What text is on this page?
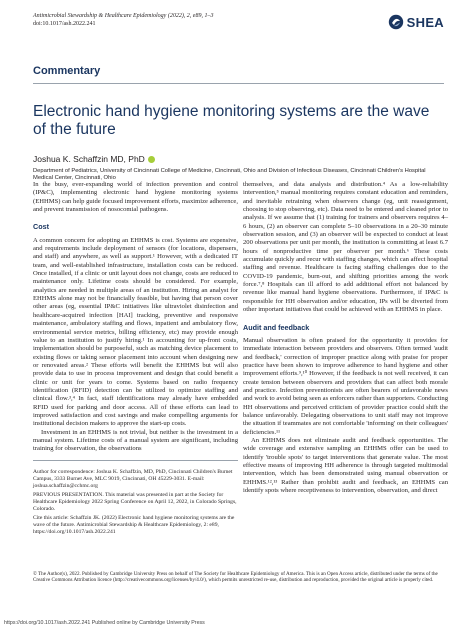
Antimicrobial Stewardship & Healthcare Epidemiology (2022), 2, e89, 1–3
doi:10.1017/ash.2022.241	SHEA
Commentary
Electronic hand hygiene monitoring systems are the wave of the future
Joshua K. Schaffzin MD, PhD
Department of Pediatrics, University of Cincinnati College of Medicine, Cincinnati, Ohio and Division of Infectious Diseases, Cincinnati Children's Hospital Medical Center, Cincinnati, Ohio

In the busy, ever-expanding world of infection prevention and control (IP&C), implementing electronic hand hygiene monitoring systems (EHHMS) can help guide focused improvement efforts, maximize adherence, and prevent transmission of nosocomial pathogens.

Cost

A common concern for adopting an EHHMS is cost. Systems are expensive, and requirements include deployment of sensors (for locations, dispensers, and staff) and anywhere, as well as support.¹ However, with a dedicated IT team, and well-established infrastructure, installation costs can be reduced. Once installed, if a clinic or unit layout does not change, costs are reduced to maintenance only. Lifetime costs should be considered. For example, analytics are needed in multiple areas of an institution. Hiring an analyst for EHHMS alone may not be financially feasible, but having that person cover other areas (eg, essential IP&C initiatives like ultraviolet disinfection and healthcare-acquired infection [HAI] tracking, preventive and responsive maintenance, ambulatory staffing and flows, inpatient and ambulatory flow, environmental service metrics, billing efficiency, etc) may provide enough value to an institution to justify hiring.¹ In accounting for up-front costs, implementation should be purposeful, such as matching device placement to existing flows or taking sensor placement into account when designing new or renovated areas.² These efforts will benefit the EHHMS but will also provide data to use in process improvement and design that could benefit a clinic or unit for years to come. Systems based on radio frequency identification (RFID) detection can be utilized to optimize staffing and clinical flow.³,⁴ In fact, staff identifications may already have embedded RFID used for parking and door access. All of these efforts can lead to improved satisfaction and cost savings and make compelling arguments for institutional decision makers to approve the start-up costs.

Investment in an EHHMS is not trivial, but neither is the investment in a manual system. Lifetime costs of a manual system are significant, including training for observation, the observations

Author for correspondence: Joshua K. Schaffzin, MD, PhD, Cincinnati Children's Burnet Campus, 3333 Burnet Ave, MLC 9019, Cincinnati, OH 45229-3031. E-mail: joshua.schaffzin@cchmc.org

PREVIOUS PRESENTATION. This material was presented in part at the Society for Healthcare Epidemiology 2022 Spring Conference on April 12, 2022, in Colorado Springs, Colorado.

Cite this article: Schaffzin JK. (2022) Electronic hand hygiene monitoring systems are the wave of the future. Antimicrobial Stewardship & Healthcare Epidemiology, 2: e89, https://doi.org/10.1017/ash.2022.241

themselves, and data analysis and distribution.⁴ As a low-reliability intervention,⁵ manual monitoring requires constant education and reminders, and inevitable retraining when observers change (eg, unit reassignment, choosing to stop observing, etc). Data need to be entered and cleaned prior to analysis. If we assume that (1) training for trainers and observers requires 4–6 hours, (2) an observer can complete 5–10 observations in a 20–30 minute observation session, and (3) an observer will be expected to conduct at least 200 observations per unit per month, the institution is committing at least 6.7 hours of nonproductive time per observer per month.⁶ These costs accumulate quickly and recur with staffing changes, which can affect hospital staffing and revenue. Healthcare is facing staffing challenges due to the COVID-19 pandemic, burn-out, and shifting priorities among the work force.⁷,⁸ Hospitals can ill afford to add additional effort not balanced by revenue like manual hand hygiene observations. Furthermore, if IP&C is responsible for HH observation and/or education, IPs will be diverted from other important initiatives that could be achieved with an EHHMS in place.

Audit and feedback

Manual observation is often praised for the opportunity it provides for immediate interaction between providers and observers. Often termed 'audit and feedback,' correction of improper practice along with praise for proper practice have been shown to improve adherence to hand hygiene and other improvement efforts.⁹,¹⁰ However, if the feedback is not well received, it can create tension between observers and providers that can affect both morale and practice. Infection preventionists are often bearers of unfavorable news and work to avoid being seen as enforcers rather than supporters. Conducting HH observations and perceived criticism of provider practice could shift the balance unfavorably. Delegating observations to unit staff may not improve the situation if teammates are not comfortable 'informing' on their colleagues' deficiencies.¹¹

An EHHMS does not eliminate audit and feedback opportunities. The wide coverage and extensive sampling an EHHMS offer can be used to identify 'trouble spots' to target interventions that generate value. The most effective means of improving HH adherence is through targeted multimodal intervention, which has been demonstrated using manual observation or EHHMS.¹²,¹³ Rather than prohibit audit and feedback, an EHHMS can identify spots where receptiveness to intervention, observation, and direct

© The Author(s), 2022. Published by Cambridge University Press on behalf of The Society for Healthcare Epidemiology of America. This is an Open Access article, distributed under the terms of the Creative Commons Attribution licence (http://creativecommons.org/licenses/by/4.0/), which permits unrestricted re-use, distribution and reproduction, provided the original article is properly cited.
https://doi.org/10.1017/ash.2022.241 Published online by Cambridge University Press
